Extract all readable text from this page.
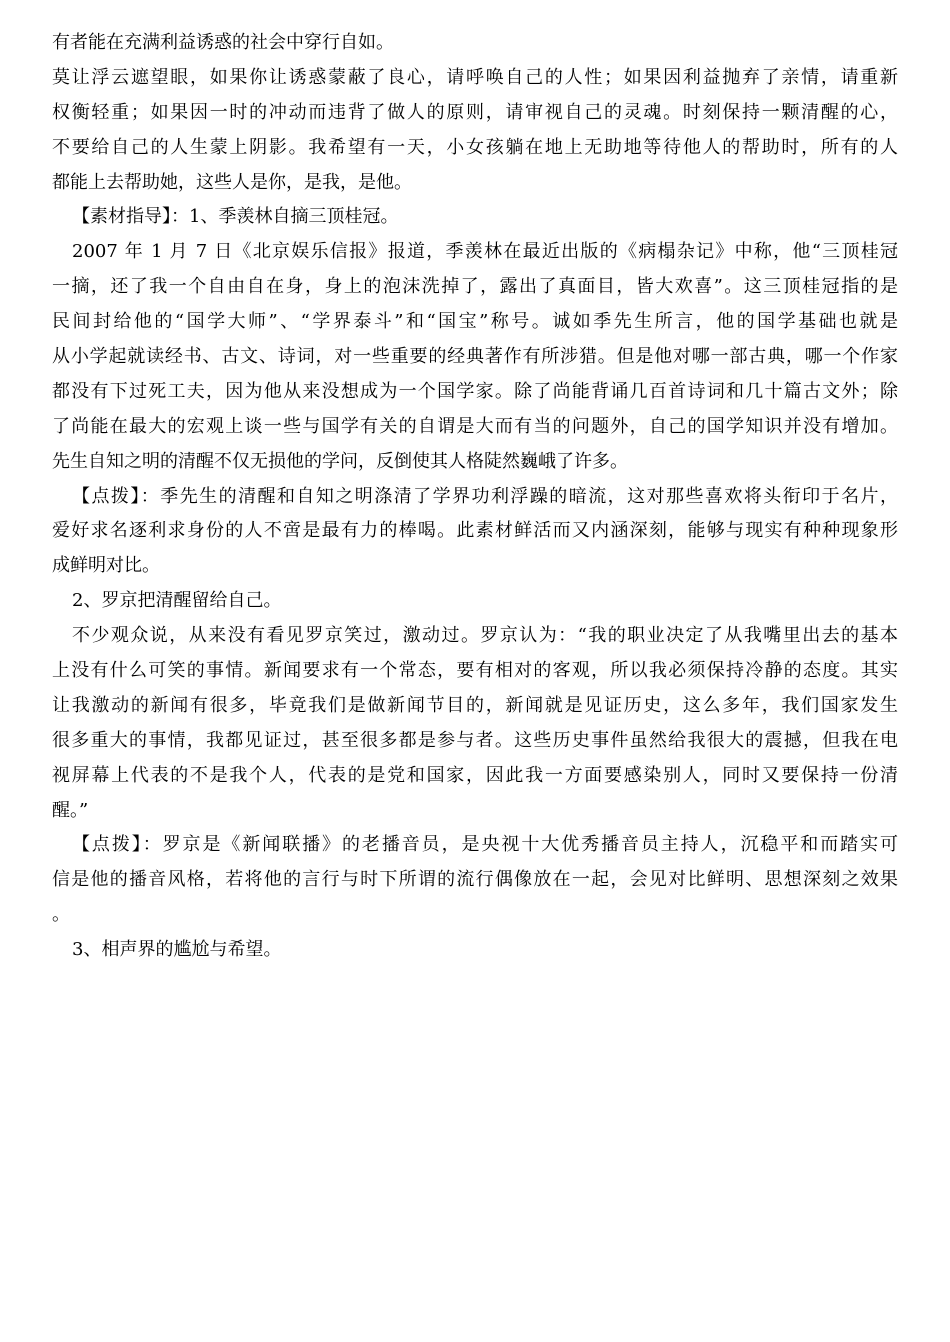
有者能在充满利益诱惑的社会中穿行自如。
莫让浮云遮望眼，如果你让诱惑蒙蔽了良心，请呼唤自己的人性；如果因利益抛弃了亲情，请重新
权衡轻重；如果因一时的冲动而违背了做人的原则，请审视自己的灵魂。时刻保持一颗清醒的心，
不要给自己的人生蒙上阴影。我希望有一天，小女孩躺在地上无助地等待他人的帮助时，所有的人
都能上去帮助她，这些人是你，是我，是他。
【素材指导】：1、季羡林自摘三顶桂冠。
2007 年 1 月 7 日《北京娱乐信报》报道，季羡林在最近出版的《病榻杂记》中称，他“三顶桂冠
一摘，还了我一个自由自在身，身上的泡沫洗掉了，露出了真面目，皆大欢喜”。这三顶桂冠指的是
民间封给他的“国学大师”、“学界泰斗”和“国宝”称号。诚如季先生所言，他的国学基础也就是
从小学起就读经书、古文、诗词，对一些重要的经典著作有所涉猎。但是他对哪一部古典，哪一个作家
都没有下过死工夫，因为他从来没想成为一个国学家。除了尚能背诵几百首诗词和几十篇古文外；除
了尚能在最大的宏观上谈一些与国学有关的自谓是大而有当的问题外，自己的国学知识并没有增加。
先生自知之明的清醒不仅无损他的学问，反倒使其人格陡然巍峨了许多。
【点拨】：季先生的清醒和自知之明涤清了学界功利浮躁的暗流，这对那些喜欢将头衔印于名片，
爱好求名逐利求身份的人不啻是最有力的棒喝。此素材鲜活而又内涵深刻，能够与现实有种种现象形
成鲜明对比。
2、罗京把清醒留给自己。
不少观众说，从来没有看见罗京笑过，激动过。罗京认为：“我的职业决定了从我嘴里出去的基本
上没有什么可笑的事情。新闻要求有一个常态，要有相对的客观，所以我必须保持冷静的态度。其实
让我激动的新闻有很多，毕竟我们是做新闻节目的，新闻就是见证历史，这么多年，我们国家发生
很多重大的事情，我都见证过，甚至很多都是参与者。这些历史事件虽然给我很大的震撼，但我在电
视屏幕上代表的不是我个人，代表的是党和国家，因此我一方面要感染别人，同时又要保持一份清
醒。”
【点拨】：罗京是《新闻联播》的老播音员，是央视十大优秀播音员主持人，沉稳平和而踏实可
信是他的播音风格，若将他的言行与时下所谓的流行偶像放在一起，会见对比鲜明、思想深刻之效果
。
3、相声界的尴尬与希望。
